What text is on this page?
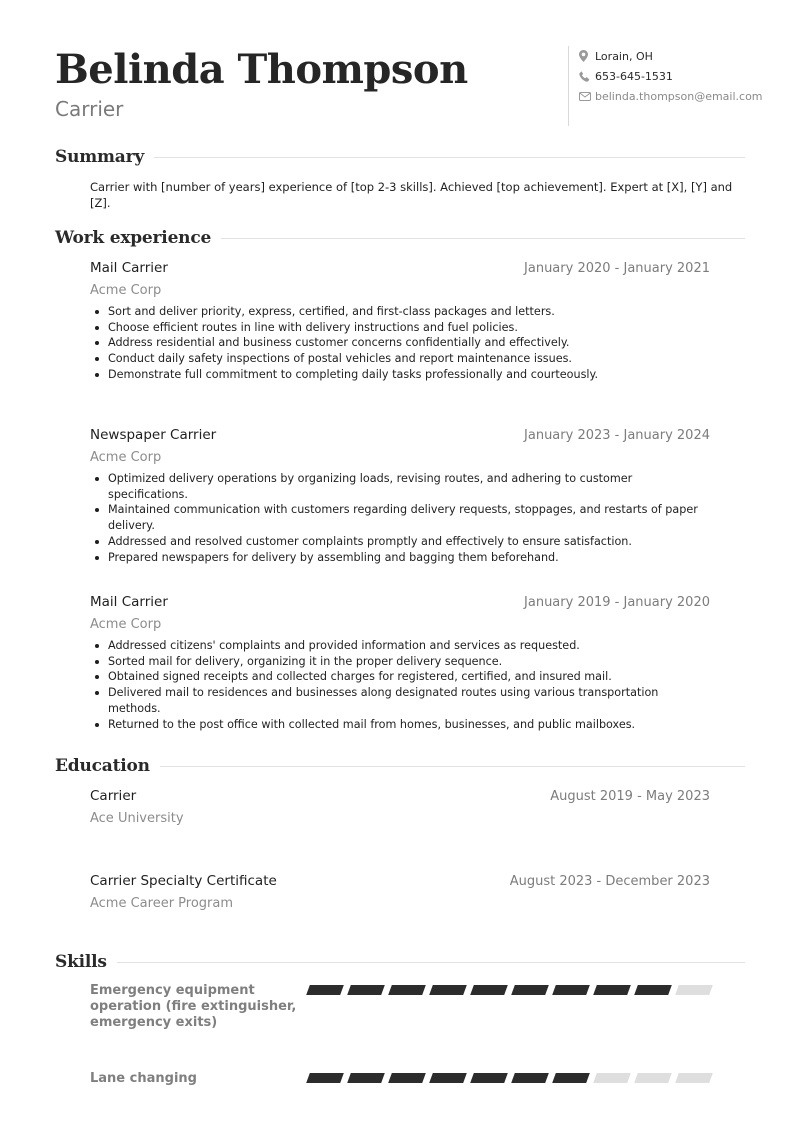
Belinda Thompson
Carrier
Lorain, OH
653-645-1531
belinda.thompson@email.com
Summary
Carrier with [number of years] experience of [top 2-3 skills]. Achieved [top achievement]. Expert at [X], [Y] and [Z].
Work experience
Mail Carrier	January 2020 - January 2021
Acme Corp
Sort and deliver priority, express, certified, and first-class packages and letters.
Choose efficient routes in line with delivery instructions and fuel policies.
Address residential and business customer concerns confidentially and effectively.
Conduct daily safety inspections of postal vehicles and report maintenance issues.
Demonstrate full commitment to completing daily tasks professionally and courteously.
Newspaper Carrier	January 2023 - January 2024
Acme Corp
Optimized delivery operations by organizing loads, revising routes, and adhering to customer specifications.
Maintained communication with customers regarding delivery requests, stoppages, and restarts of paper delivery.
Addressed and resolved customer complaints promptly and effectively to ensure satisfaction.
Prepared newspapers for delivery by assembling and bagging them beforehand.
Mail Carrier	January 2019 - January 2020
Acme Corp
Addressed citizens' complaints and provided information and services as requested.
Sorted mail for delivery, organizing it in the proper delivery sequence.
Obtained signed receipts and collected charges for registered, certified, and insured mail.
Delivered mail to residences and businesses along designated routes using various transportation methods.
Returned to the post office with collected mail from homes, businesses, and public mailboxes.
Education
Carrier	August 2019 - May 2023
Ace University
Carrier Specialty Certificate	August 2023 - December 2023
Acme Career Program
Skills
Emergency equipment operation (fire extinguisher, emergency exits)
Lane changing
